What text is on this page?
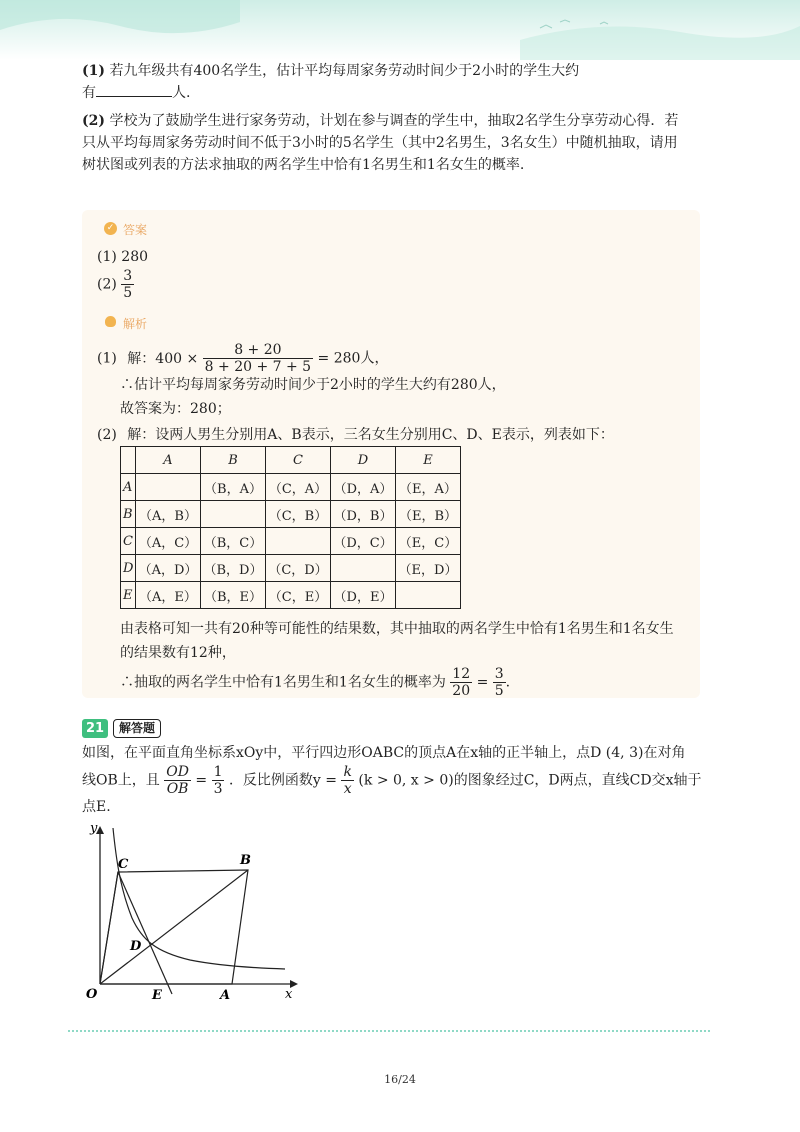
(1) 若九年级共有400名学生，估计平均每周家务劳动时间少于2小时的学生大约
有	人.

(2) 学校为了鼓励学生进行家务劳动，计划在参与调查的学生中，抽取2名学生分享劳动心得．若
只从平均每周家务劳动时间不低于3小时的5名学生（其中2名男生，3名女生）中随机抽取，请用
树状图或列表的方法求抽取的两名学生中恰有1名男生和1名女生的概率.

✓ 答案
(1) 280
$(2) \frac{3}{5}$
解析
(1) 解：$400 \times \frac{8 + 20}{8 + 20 + 7 + 5} = 280$人，
∴估计平均每周家务劳动时间少于2小时的学生大约有280人，
故答案为：280；
(2) 解：设两人男生分别用A、B表示，三名女生分别用C、D、E表示，列表如下：
	A	B	C	D	E
A		（B，A）	（C，A）	（D，A）	（E，A）
B	（A，B）		（C，B）	（D，B）	（E，B）
C	（A，C）	（B，C）		（D，C）	（E，C）
D	（A，D）	（B，D）	（C，D）		（E，D）
E	（A，E）	（B，E）	（C，E）	（D，E）	
由表格可知一共有20种等可能性的结果数，其中抽取的两名学生中恰有1名男生和1名女生
的结果数有12种，
∴抽取的两名学生中恰有1名男生和1名女生的概率为 $\frac{12}{20} = \frac{3}{5}$ .
21	解答题
如图，在平面直角坐标系xOy中，平行四边形OABC的顶点A在x轴的正半轴上，点D (4, 3)在对角
线OB上，且 $\frac{OD}{OB} = \frac{1}{3}$ ．反比例函数$y = \frac{k}{x} (k > 0$, x > 0)的图象经过C，D两点，直线CD交x轴于
点E.
y
x
O	A
B
C
D
E
16/24
